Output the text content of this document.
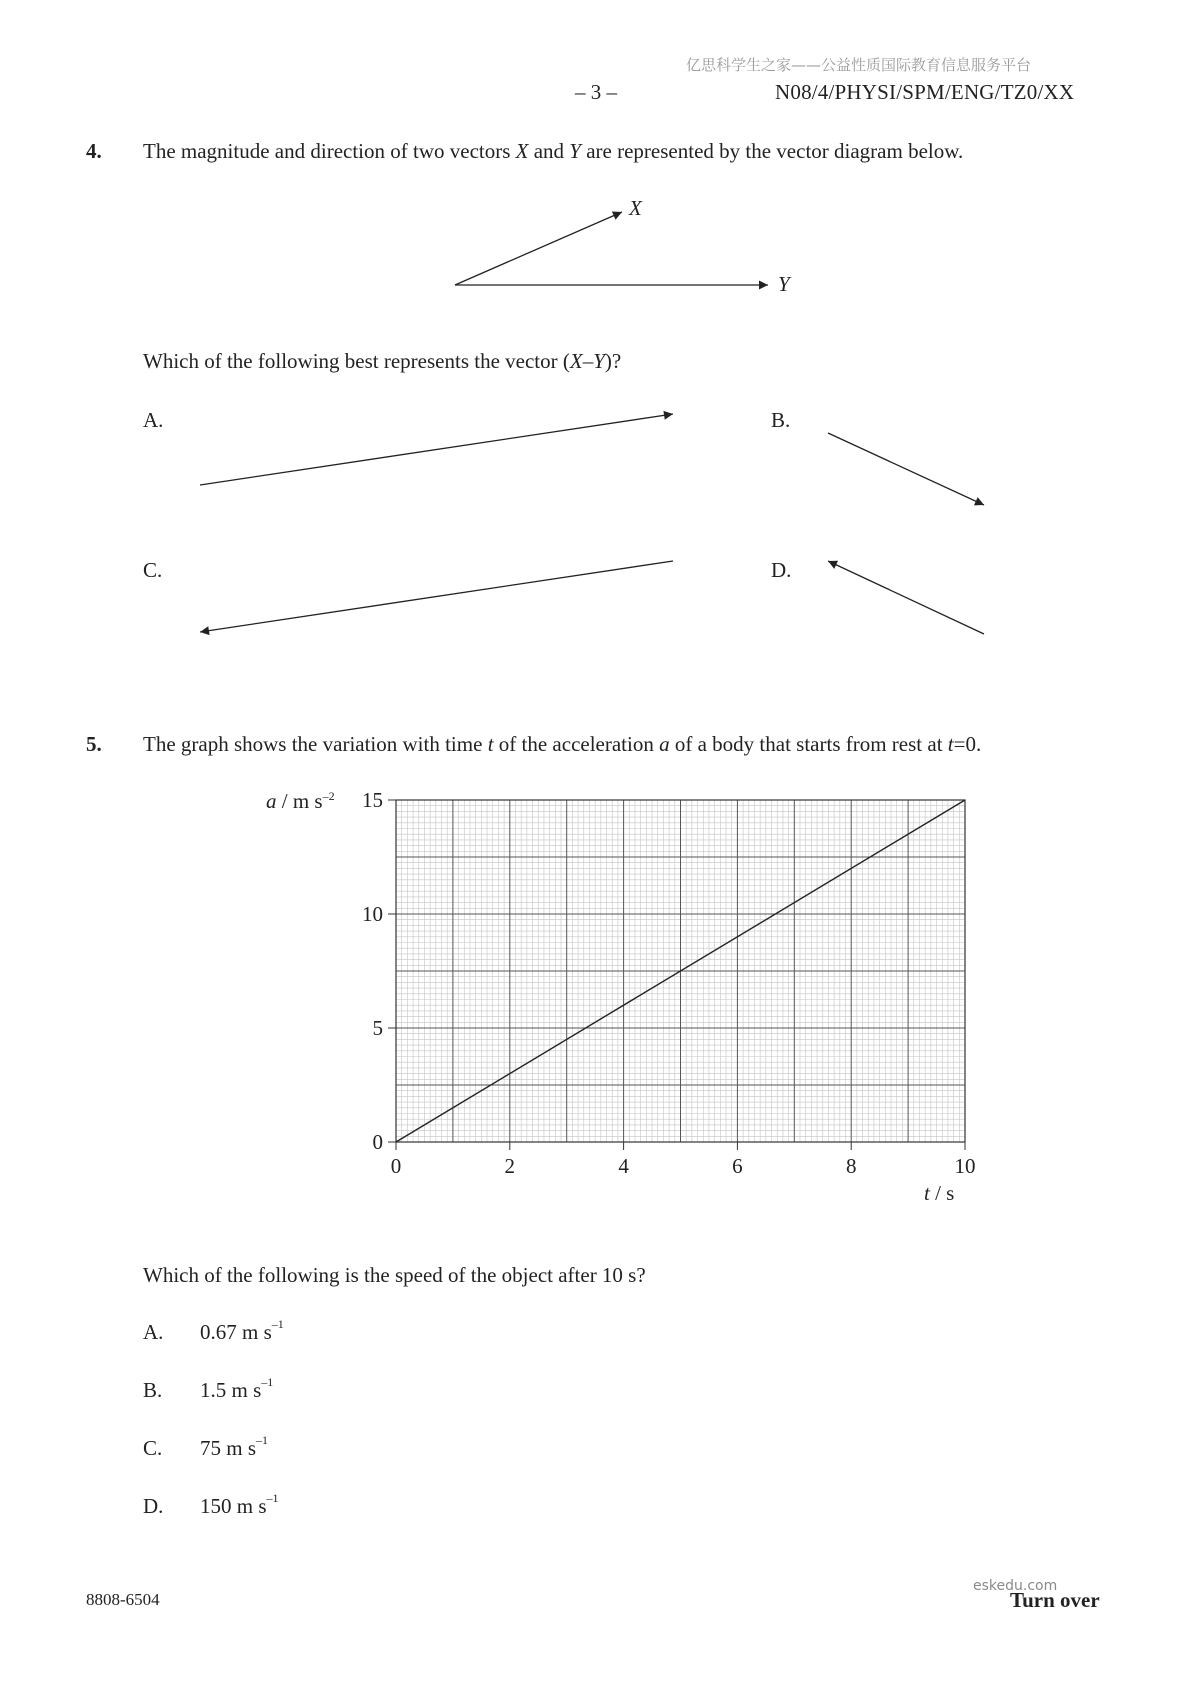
亿思科学生之家——公益性质国际教育信息服务平台
– 3 –	N08/4/PHYSI/SPM/ENG/TZ0/XX
4. The magnitude and direction of two vectors X and Y are represented by the vector diagram below.
X
Y
Which of the following best represents the vector (X–Y)?
A.	B.
C.	D.
5. The graph shows the variation with time t of the acceleration a of a body that starts from rest at t=0.
0	2	4	6	8	10
0
5
10
15
a / m $s^{-2}$
t / s
Which of the following is the speed of the object after 10 s?
A. 0.67 m $s^{-1}$
B. 1.5 m $s^{-1}$
C. 75 m $s^{-1}$
D. 150 m $s^{-1}$
8808-6504
eskedu.com
Turn over
